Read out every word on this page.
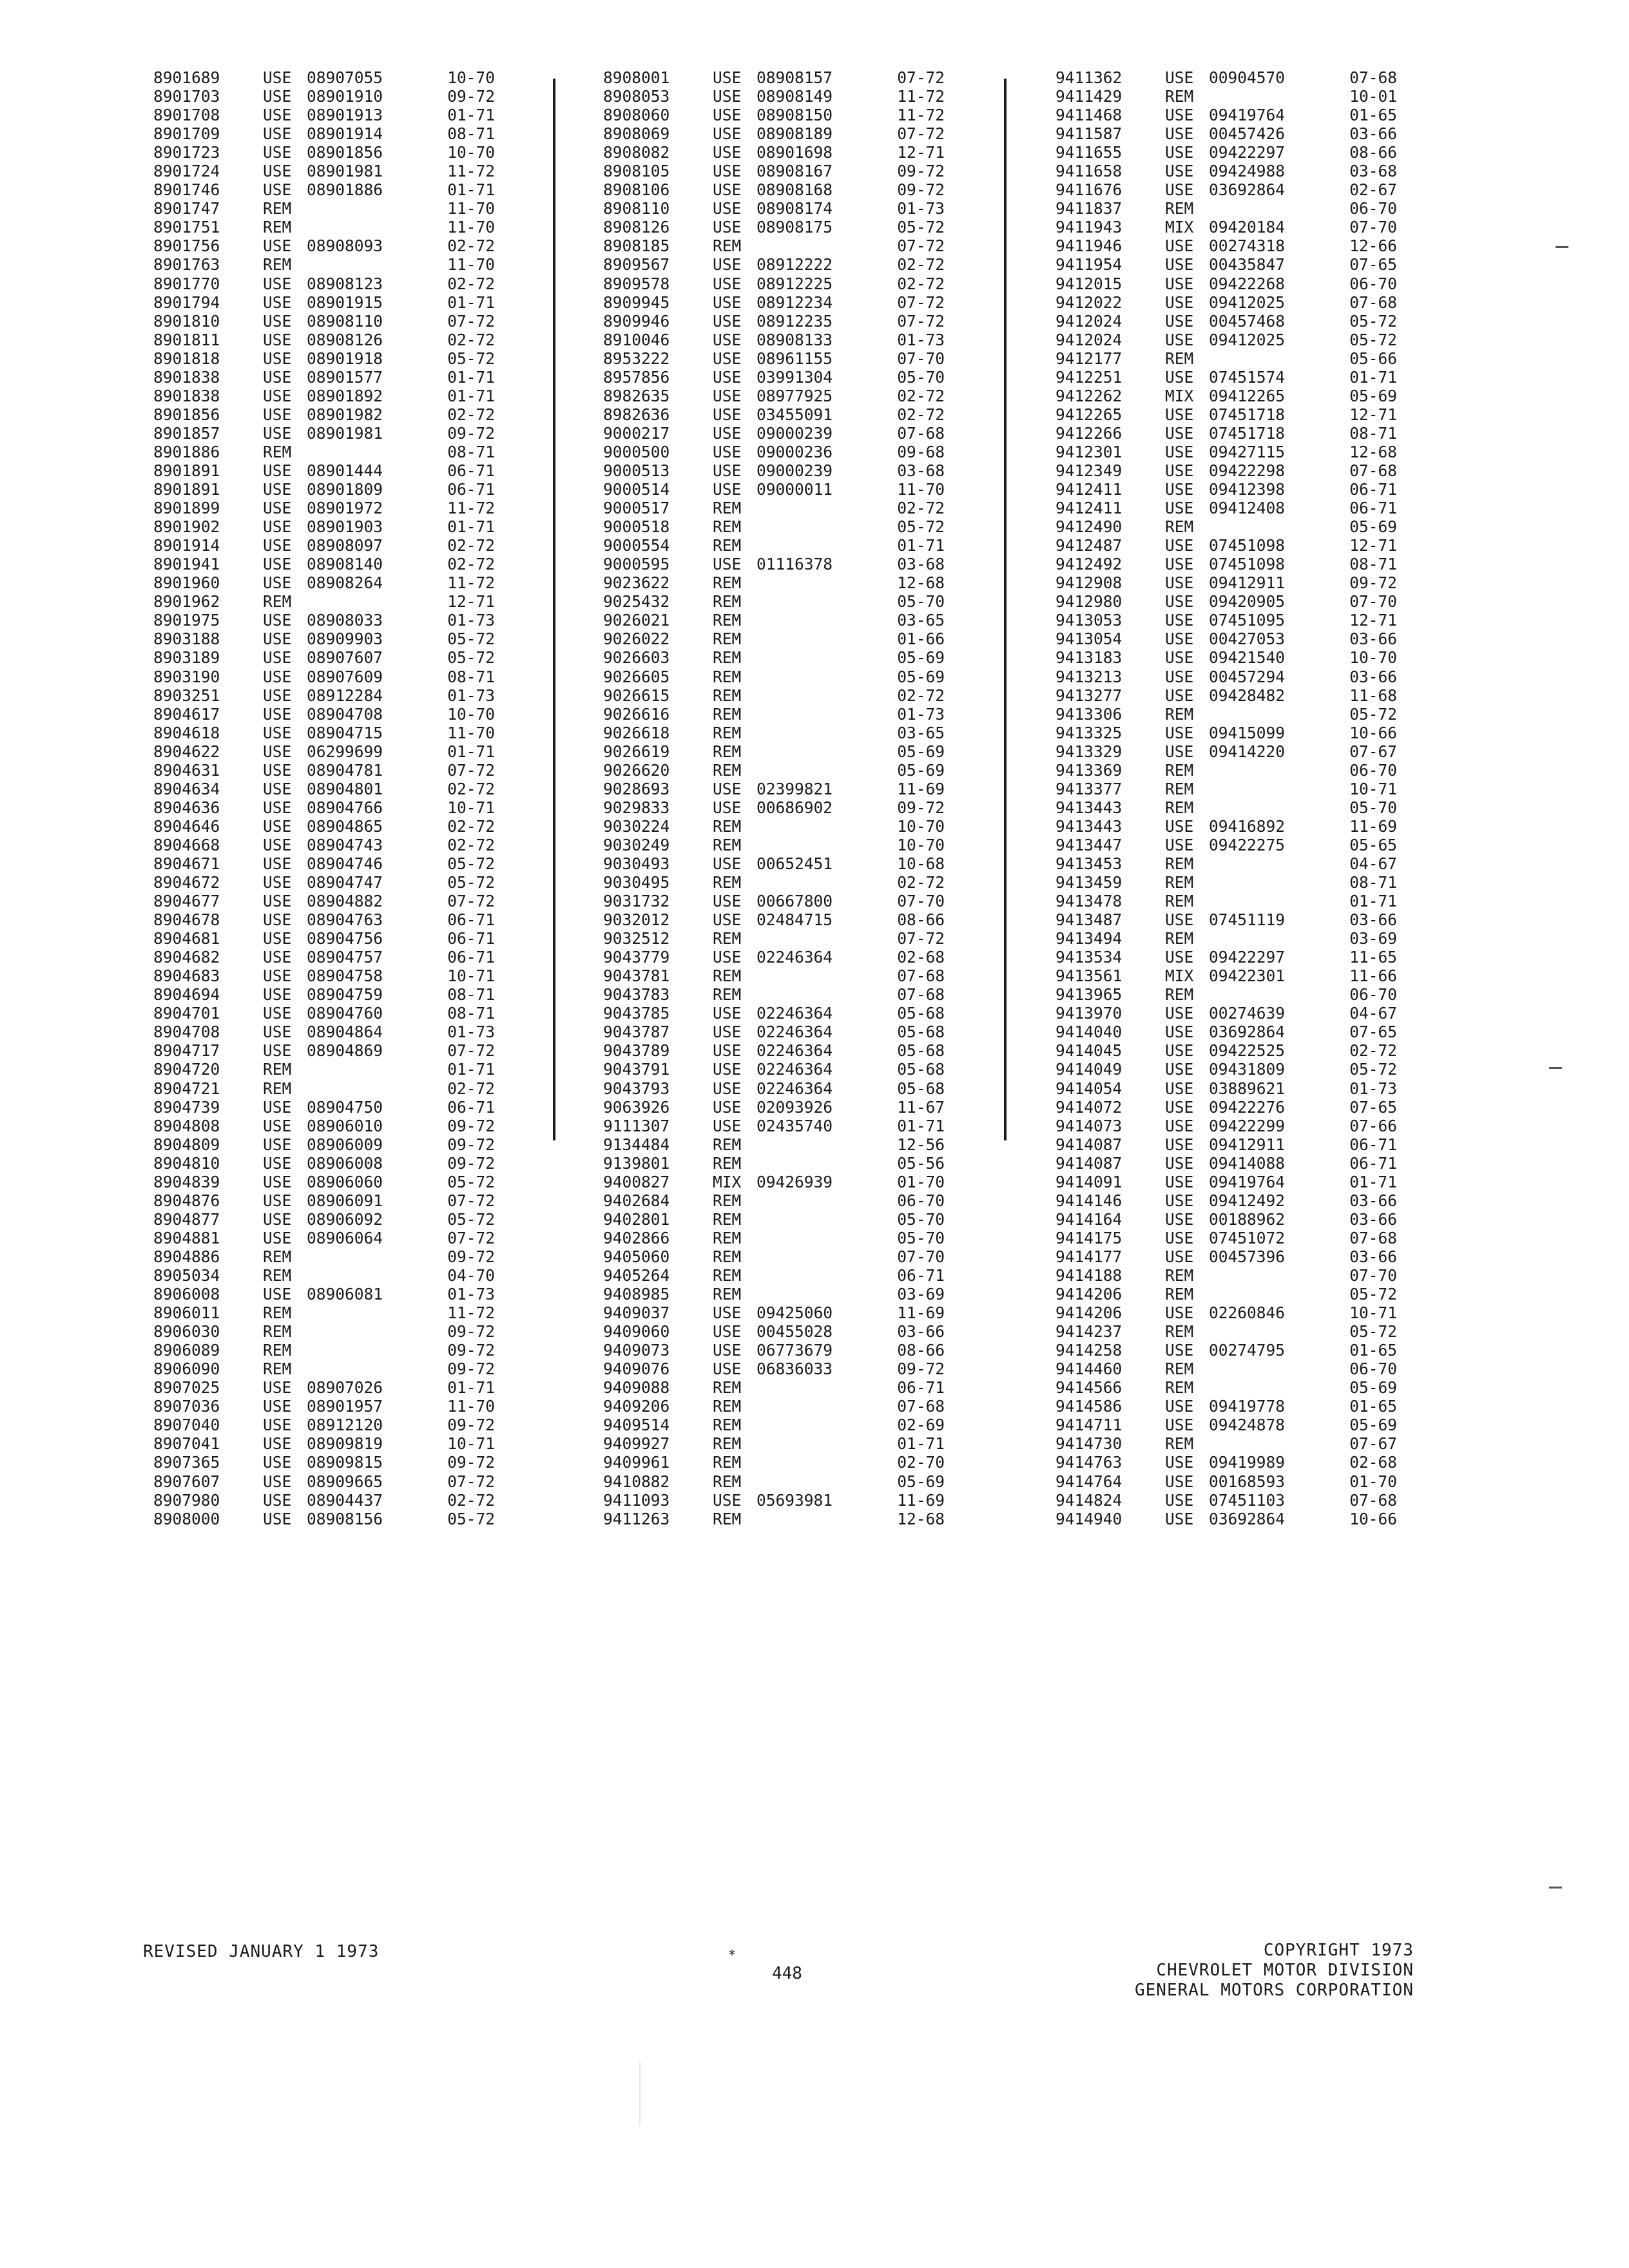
8901689	USE 08907055	10-70
8901703	USE 08901910	09-72
8901708	USE 08901913	01-71
8901709	USE 08901914	08-71
8901723	USE 08901856	10-70
8901724	USE 08901981	11-72
8901746	USE 08901886	01-71
8901747	REM	11-70
8901751	REM	11-70
8901756	USE 08908093	02-72
8901763	REM	11-70
8901770	USE 08908123	02-72
8901794	USE 08901915	01-71
8901810	USE 08908110	07-72
8901811	USE 08908126	02-72
8901818	USE 08901918	05-72
8901838	USE 08901577	01-71
8901838	USE 08901892	01-71
8901856	USE 08901982	02-72
8901857	USE 08901981	09-72
8901886	REM	08-71
8901891	USE 08901444	06-71
8901891	USE 08901809	06-71
8901899	USE 08901972	11-72
8901902	USE 08901903	01-71
8901914	USE 08908097	02-72
8901941	USE 08908140	02-72
8901960	USE 08908264	11-72
8901962	REM	12-71
8901975	USE 08908033	01-73
8903188	USE 08909903	05-72
8903189	USE 08907607	05-72
8903190	USE 08907609	08-71
8903251	USE 08912284	01-73
8904617	USE 08904708	10-70
8904618	USE 08904715	11-70
8904622	USE 06299699	01-71
8904631	USE 08904781	07-72
8904634	USE 08904801	02-72
8904636	USE 08904766	10-71
8904646	USE 08904865	02-72
8904668	USE 08904743	02-72
8904671	USE 08904746	05-72
8904672	USE 08904747	05-72
8904677	USE 08904882	07-72
8904678	USE 08904763	06-71
8904681	USE 08904756	06-71
8904682	USE 08904757	06-71
8904683	USE 08904758	10-71
8904694	USE 08904759	08-71
8904701	USE 08904760	08-71
8904708	USE 08904864	01-73
8904717	USE 08904869	07-72
8904720	REM	01-71
8904721	REM	02-72
8904739	USE 08904750	06-71
8904808	USE 08906010	09-72
8904809	USE 08906009	09-72
8904810	USE 08906008	09-72
8904839	USE 08906060	05-72
8904876	USE 08906091	07-72
8904877	USE 08906092	05-72
8904881	USE 08906064	07-72
8904886	REM	09-72
8905034	REM	04-70
8906008	USE 08906081	01-73
8906011	REM	11-72
8906030	REM	09-72
8906089	REM	09-72
8906090	REM	09-72
8907025	USE 08907026	01-71
8907036	USE 08901957	11-70
8907040	USE 08912120	09-72
8907041	USE 08909819	10-71
8907365	USE 08909815	09-72
8907607	USE 08909665	07-72
8907980	USE 08904437	02-72
8908000	USE 08908156	05-72
8908001	USE 08908157	07-72
8908053	USE 08908149	11-72
8908060	USE 08908150	11-72
8908069	USE 08908189	07-72
8908082	USE 08901698	12-71
8908105	USE 08908167	09-72
8908106	USE 08908168	09-72
8908110	USE 08908174	01-73
8908126	USE 08908175	05-72
8908185	REM	07-72
8909567	USE 08912222	02-72
8909578	USE 08912225	02-72
8909945	USE 08912234	07-72
8909946	USE 08912235	07-72
8910046	USE 08908133	01-73
8953222	USE 08961155	07-70
8957856	USE 03991304	05-70
8982635	USE 08977925	02-72
8982636	USE 03455091	02-72
9000217	USE 09000239	07-68
9000500	USE 09000236	09-68
9000513	USE 09000239	03-68
9000514	USE 09000011	11-70
9000517	REM	02-72
9000518	REM	05-72
9000554	REM	01-71
9000595	USE 01116378	03-68
9023622	REM	12-68
9025432	REM	05-70
9026021	REM	03-65
9026022	REM	01-66
9026603	REM	05-69
9026605	REM	05-69
9026615	REM	02-72
9026616	REM	01-73
9026618	REM	03-65
9026619	REM	05-69
9026620	REM	05-69
9028693	USE 02399821	11-69
9029833	USE 00686902	09-72
9030224	REM	10-70
9030249	REM	10-70
9030493	USE 00652451	10-68
9030495	REM	02-72
9031732	USE 00667800	07-70
9032012	USE 02484715	08-66
9032512	REM	07-72
9043779	USE 02246364	02-68
9043781	REM	07-68
9043783	REM	07-68
9043785	USE 02246364	05-68
9043787	USE 02246364	05-68
9043789	USE 02246364	05-68
9043791	USE 02246364	05-68
9043793	USE 02246364	05-68
9063926	USE 02093926	11-67
9111307	USE 02435740	01-71
9134484	REM	12-56
9139801	REM	05-56
9400827	MIX 09426939	01-70
9402684	REM	06-70
9402801	REM	05-70
9402866	REM	05-70
9405060	REM	07-70
9405264	REM	06-71
9408985	REM	03-69
9409037	USE 09425060	11-69
9409060	USE 00455028	03-66
9409073	USE 06773679	08-66
9409076	USE 06836033	09-72
9409088	REM	06-71
9409206	REM	07-68
9409514	REM	02-69
9409927	REM	01-71
9409961	REM	02-70
9410882	REM	05-69
9411093	USE 05693981	11-69
9411263	REM	12-68
9411362	USE 00904570	07-68
9411429	REM	10-01
9411468	USE 09419764	01-65
9411587	USE 00457426	03-66
9411655	USE 09422297	08-66
9411658	USE 09424988	03-68
9411676	USE 03692864	02-67
9411837	REM	06-70
9411943	MIX 09420184	07-70
9411946	USE 00274318	12-66
9411954	USE 00435847	07-65
9412015	USE 09422268	06-70
9412022	USE 09412025	07-68
9412024	USE 00457468	05-72
9412024	USE 09412025	05-72
9412177	REM	05-66
9412251	USE 07451574	01-71
9412262	MIX 09412265	05-69
9412265	USE 07451718	12-71
9412266	USE 07451718	08-71
9412301	USE 09427115	12-68
9412349	USE 09422298	07-68
9412411	USE 09412398	06-71
9412411	USE 09412408	06-71
9412490	REM	05-69
9412487	USE 07451098	12-71
9412492	USE 07451098	08-71
9412908	USE 09412911	09-72
9412980	USE 09420905	07-70
9413053	USE 07451095	12-71
9413054	USE 00427053	03-66
9413183	USE 09421540	10-70
9413213	USE 00457294	03-66
9413277	USE 09428482	11-68
9413306	REM	05-72
9413325	USE 09415099	10-66
9413329	USE 09414220	07-67
9413369	REM	06-70
9413377	REM	10-71
9413443	REM	05-70
9413443	USE 09416892	11-69
9413447	USE 09422275	05-65
9413453	REM	04-67
9413459	REM	08-71
9413478	REM	01-71
9413487	USE 07451119	03-66
9413494	REM	03-69
9413534	USE 09422297	11-65
9413561	MIX 09422301	11-66
9413965	REM	06-70
9413970	USE 00274639	04-67
9414040	USE 03692864	07-65
9414045	USE 09422525	02-72
9414049	USE 09431809	05-72
9414054	USE 03889621	01-73
9414072	USE 09422276	07-65
9414073	USE 09422299	07-66
9414087	USE 09412911	06-71
9414087	USE 09414088	06-71
9414091	USE 09419764	01-71
9414146	USE 09412492	03-66
9414164	USE 00188962	03-66
9414175	USE 07451072	07-68
9414177	USE 00457396	03-66
9414188	REM	07-70
9414206	REM	05-72
9414206	USE 02260846	10-71
9414237	REM	05-72
9414258	USE 00274795	01-65
9414460	REM	06-70
9414566	REM	05-69
9414586	USE 09419778	01-65
9414711	USE 09424878	05-69
9414730	REM	07-67
9414763	USE 09419989	02-68
9414764	USE 00168593	01-70
9414824	USE 07451103	07-68
9414940	USE 03692864	10-66
REVISED JANUARY 1 1973	*
448
COPYRIGHT 1973
CHEVROLET MOTOR DIVISION
GENERAL MOTORS CORPORATION
